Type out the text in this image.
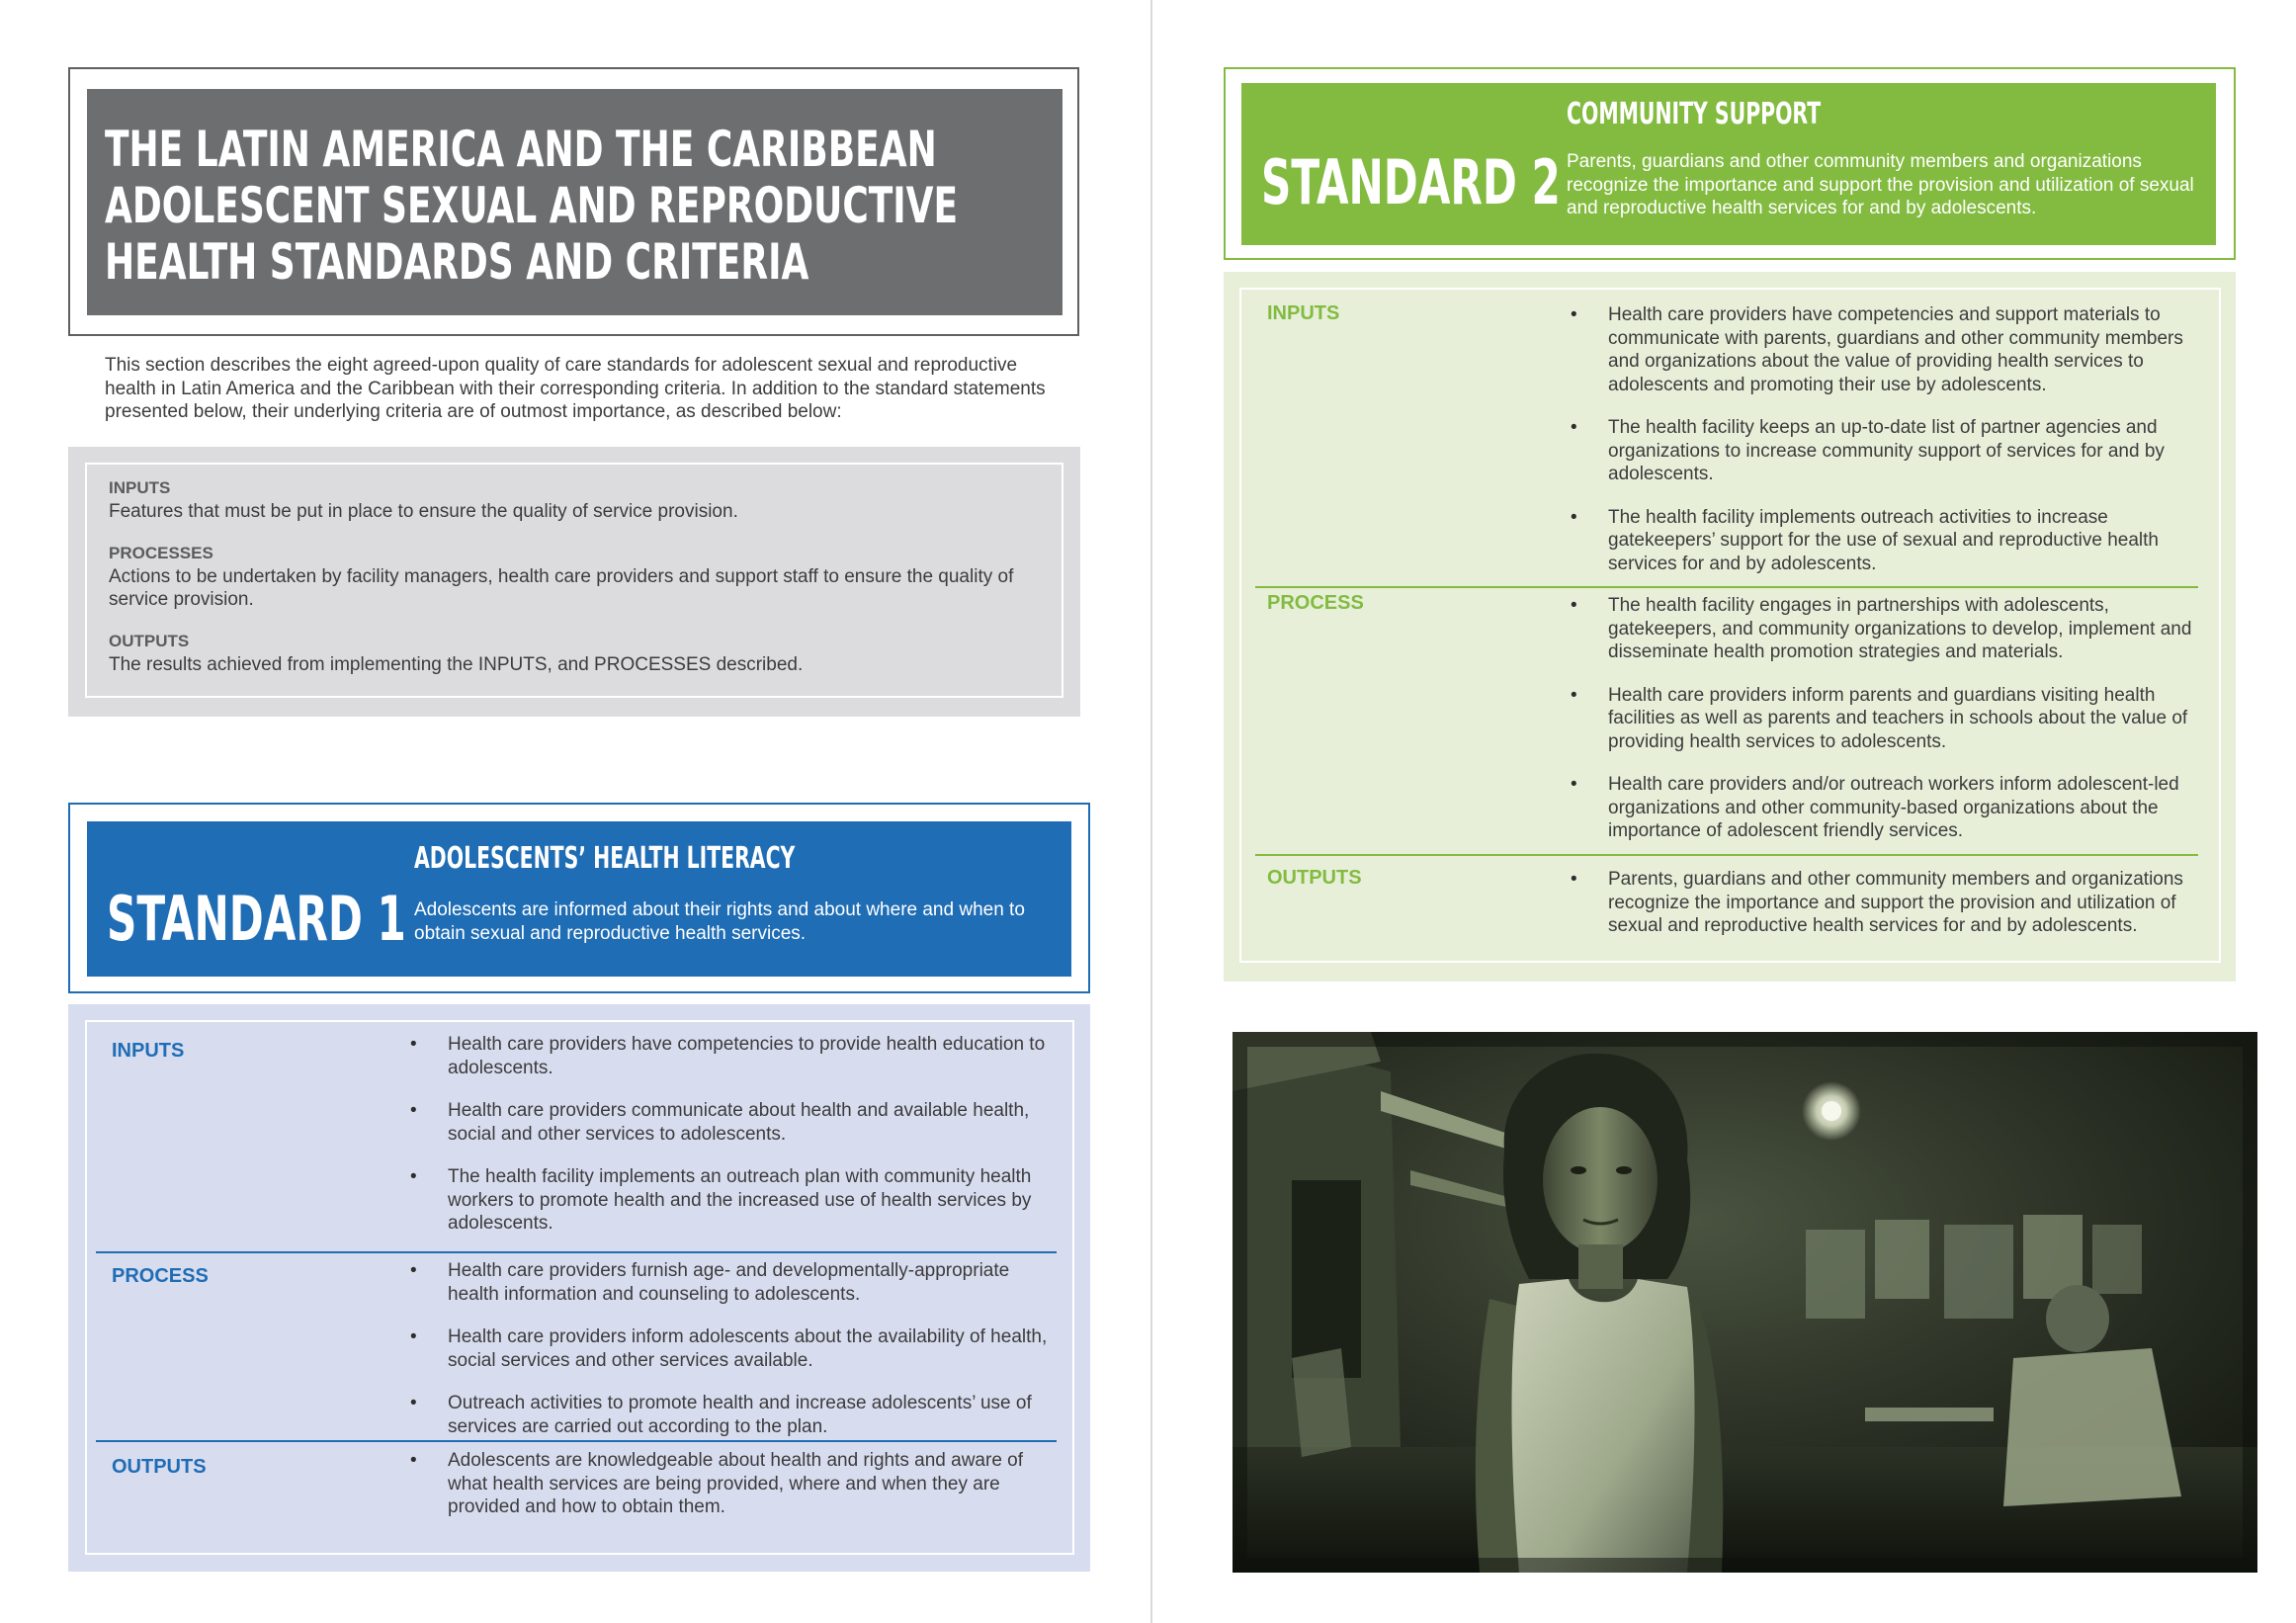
THE LATIN AMERICA AND THE CARIBBEAN ADOLESCENT SEXUAL AND REPRODUCTIVE HEALTH STANDARDS AND CRITERIA

This section describes the eight agreed-upon quality of care standards for adolescent sexual and reproductive health in Latin America and the Caribbean with their corresponding criteria. In addition to the standard statements presented below, their underlying criteria are of outmost importance, as described below:

INPUTS

Features that must be put in place to ensure the quality of service provision.

PROCESSES

Actions to be undertaken by facility managers, health care providers and support staff to ensure the quality of service provision.

OUTPUTS

The results achieved from implementing the INPUTS, and PROCESSES described.

STANDARD 1
ADOLESCENTS’ HEALTH LITERACY

Adolescents are informed about their rights and about where and when to obtain sexual and reproductive health services.

INPUTS	• Health care providers have competencies to provide health education to adolescents.
• Health care providers communicate about health and available health, social and other services to adolescents.
• The health facility implements an outreach plan with community health workers to promote health and the increased use of health services by adolescents.
PROCESS	• Health care providers furnish age- and developmentally-appropriate health information and counseling to adolescents.
• Health care providers inform adolescents about the availability of health, social services and other services available.
• Outreach activities to promote health and increase adolescents’ use of services are carried out according to the plan.
OUTPUTS	• Adolescents are knowledgeable about health and rights and aware of what health services are being provided, where and when they are provided and how to obtain them.
STANDARD 2
COMMUNITY SUPPORT

Parents, guardians and other community members and organizations recognize the importance and support the provision and utilization of sexual and reproductive health services for and by adolescents.

INPUTS	• Health care providers have competencies and support materials to communicate with parents, guardians and other community members and organizations about the value of providing health services to adolescents and promoting their use by adolescents.
• The health facility keeps an up-to-date list of partner agencies and organizations to increase community support of services for and by adolescents.
• The health facility implements outreach activities to increase gatekeepers’ support for the use of sexual and reproductive health services for and by adolescents.
PROCESS	• The health facility engages in partnerships with adolescents, gatekeepers, and community organizations to develop, implement and disseminate health promotion strategies and materials.
• Health care providers inform parents and guardians visiting health facilities as well as parents and teachers in schools about the value of providing health services to adolescents.
• Health care providers and/or outreach workers inform adolescent-led organizations and other community-based organizations about the importance of adolescent friendly services.
OUTPUTS	• Parents, guardians and other community members and organizations recognize the importance and support the provision and utilization of sexual and reproductive health services for and by adolescents.
